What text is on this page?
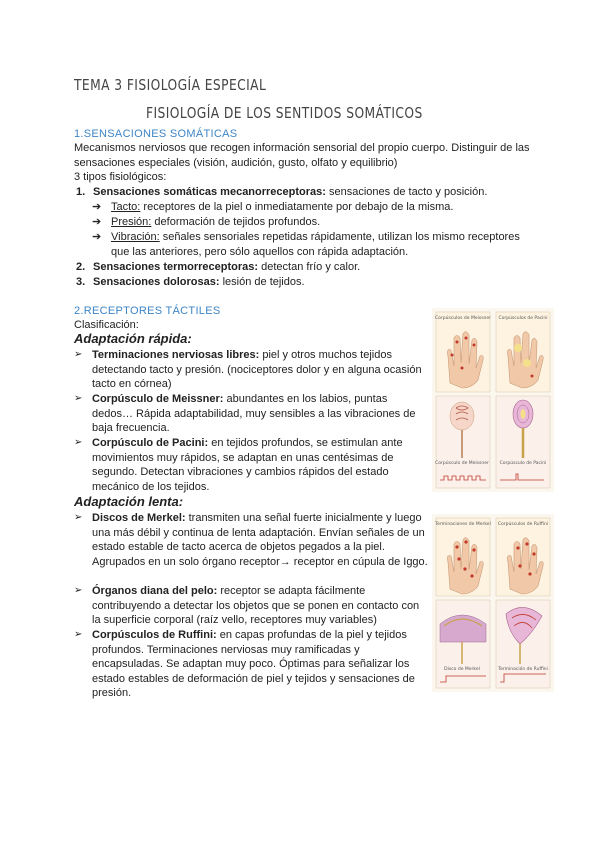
TEMA 3 FISIOLOGÍA ESPECIAL
FISIOLOGÍA DE LOS SENTIDOS SOMÁTICOS
1.SENSACIONES SOMÁTICAS
Mecanismos nerviosos que recogen información sensorial del propio cuerpo. Distinguir de las sensaciones especiales (visión, audición, gusto, olfato y equilibrio)
3 tipos fisiológicos:
1. Sensaciones somáticas mecanorreceptoras: sensaciones de tacto y posición.
➔ Tacto: receptores de la piel o inmediatamente por debajo de la misma.
➔ Presión: deformación de tejidos profundos.
➔ Vibración: señales sensoriales repetidas rápidamente, utilizan los mismo receptores que las anteriores, pero sólo aquellos con rápida adaptación.
2. Sensaciones termorreceptoras: detectan frío y calor.
3. Sensaciones dolorosas: lesión de tejidos.
2.RECEPTORES TÁCTILES
Clasificación:
Adaptación rápida:
➢ Terminaciones nerviosas libres: piel y otros muchos tejidos detectando tacto y presión. (nociceptores dolor y en alguna ocasión tacto en córnea)
➢ Corpúsculo de Meissner: abundantes en los labios, puntas dedos… Rápida adaptabilidad, muy sensibles a las vibraciones de baja frecuencia.
➢ Corpúsculo de Pacini: en tejidos profundos, se estimulan ante movimientos muy rápidos, se adaptan en unas centésimas de segundo. Detectan vibraciones y cambios rápidos del estado mecánico de los tejidos.
Adaptación lenta:
➢ Discos de Merkel: transmiten una señal fuerte inicialmente y luego una más débil y continua de lenta adaptación. Envían señales de un estado estable de tacto acerca de objetos pegados a la piel. Agrupados en un solo órgano receptor→ receptor en cúpula de Iggo.
➢ Órganos diana del pelo: receptor se adapta fácilmente contribuyendo a detectar los objetos que se ponen en contacto con la superficie corporal (raíz vello, receptores muy variables)
➢ Corpúsculos de Ruffini: en capas profundas de la piel y tejidos profundos. Terminaciones nerviosas muy ramificadas y encapsuladas. Se adaptan muy poco. Óptimas para señalizar los estado estables de deformación de piel y tejidos y sensaciones de presión.
Corpúsculos de Meissner Corpúsculos de Pacini
Corpúsculo de Meissner Corpúsculo de Pacini
Terminaciones de Merkel Corpúsculos de Ruffini
Disco de Merkel	Terminación de Ruffini
